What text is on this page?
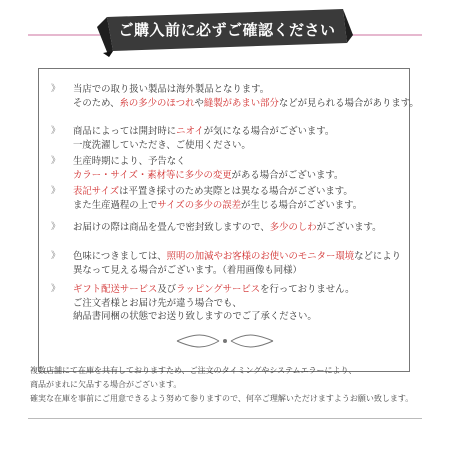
ご購入前に必ずご確認ください
》 当店での取り扱い製品は海外製品となります。
そのため、糸の多少のほつれや縫製があまい部分などが見られる場合があります。
》 商品によっては開封時にニオイが気になる場合がございます。
一度洗濯していただき、ご使用ください。
》 生産時期により、予告なく
カラー・サイズ・素材等に多少の変更がある場合がございます。
》 表記サイズは平置き採寸のため実際とは異なる場合がございます。
また生産過程の上でサイズの多少の誤差が生じる場合がございます。
》 お届けの際は商品を畳んで密封致しますので、多少のしわがございます。
》 色味につきましては、照明の加減やお客様のお使いのモニター環境などにより
異なって見える場合がございます。（着用画像も同様）
》 ギフト配送サービス及びラッピングサービスを行っておりません。
ご注文者様とお届け先が違う場合でも、
納品書同梱の状態でお送り致しますのでご了承ください。
複数店舗にて在庫を共有しておりますため、ご注文のタイミングやシステムエラーにより、
商品がまれに欠品する場合がございます。
確実な在庫を事前にご用意できるよう努めて参りますので、何卒ご理解いただけますようお願い致します。
